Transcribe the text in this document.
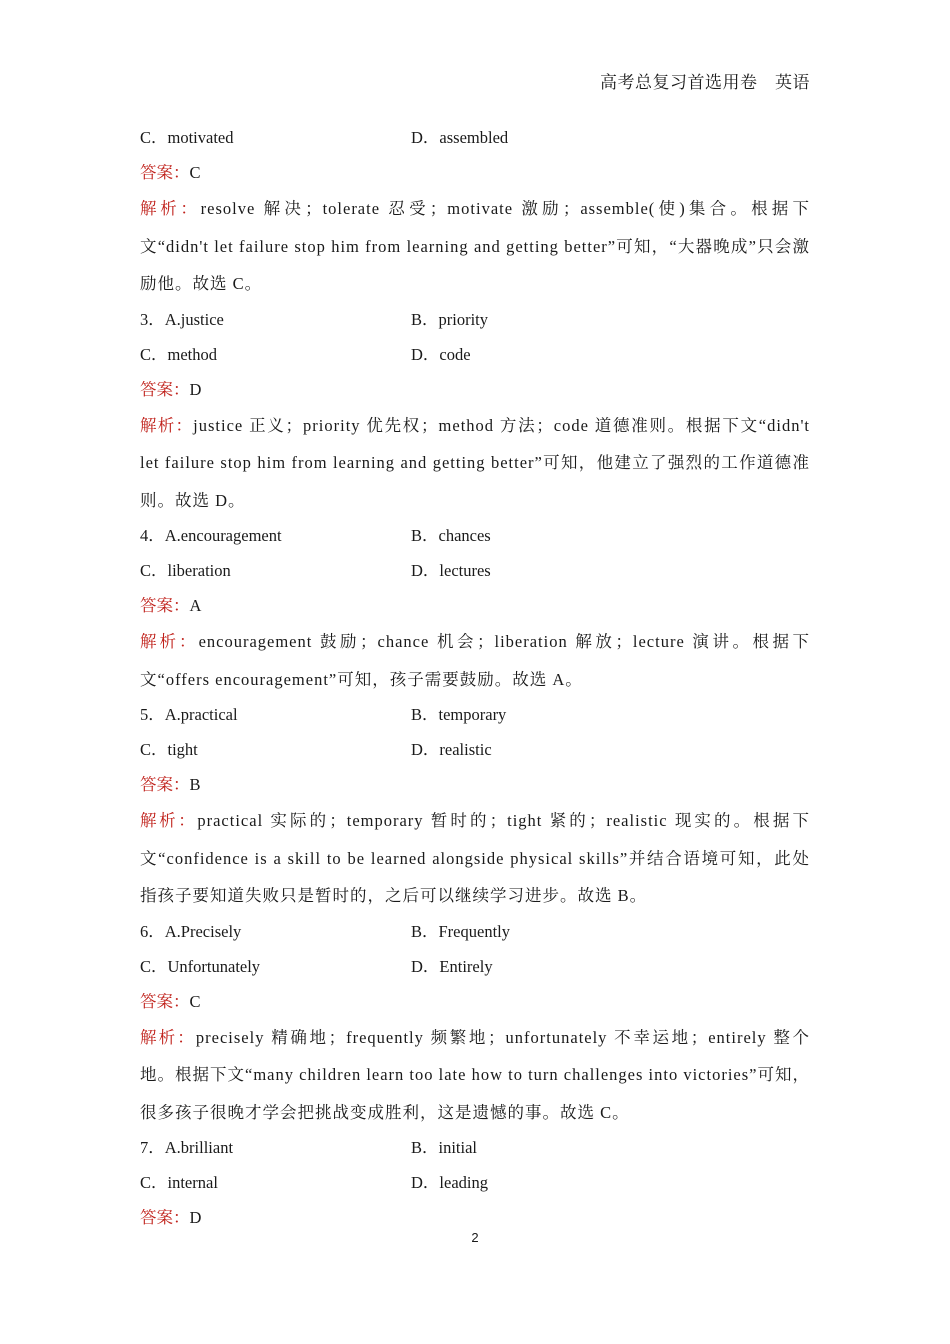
高考总复习首选用卷　英语
C．motivated	D．assembled
答案：C
解析：resolve 解决；tolerate 忍受；motivate 激励；assemble(使)集合。根据下文“didn't let failure stop him from learning and getting better”可知，“大器晚成”只会激励他。故选 C。
3．A.justice	B．priority
C．method	D．code
答案：D
解析：justice 正义；priority 优先权；method 方法；code 道德准则。根据下文“didn't let failure stop him from learning and getting better”可知，他建立了强烈的工作道德准则。故选 D。
4．A.encouragement	B．chances
C．liberation	D．lectures
答案：A
解析：encouragement 鼓励；chance 机会；liberation 解放；lecture 演讲。根据下文“offers encouragement”可知，孩子需要鼓励。故选 A。
5．A.practical	B．temporary
C．tight	D．realistic
答案：B
解析：practical 实际的；temporary 暂时的；tight 紧的；realistic 现实的。根据下文“confidence is a skill to be learned alongside physical skills”并结合语境可知，此处指孩子要知道失败只是暂时的，之后可以继续学习进步。故选 B。
6．A.Precisely	B．Frequently
C．Unfortunately	D．Entirely
答案：C
解析：precisely 精确地；frequently 频繁地；unfortunately 不幸运地；entirely 整个地。根据下文“many children learn too late how to turn challenges into victories”可知，很多孩子很晚才学会把挑战变成胜利，这是遗憾的事。故选 C。
7．A.brilliant	B．initial
C．internal	D．leading
答案：D
2
